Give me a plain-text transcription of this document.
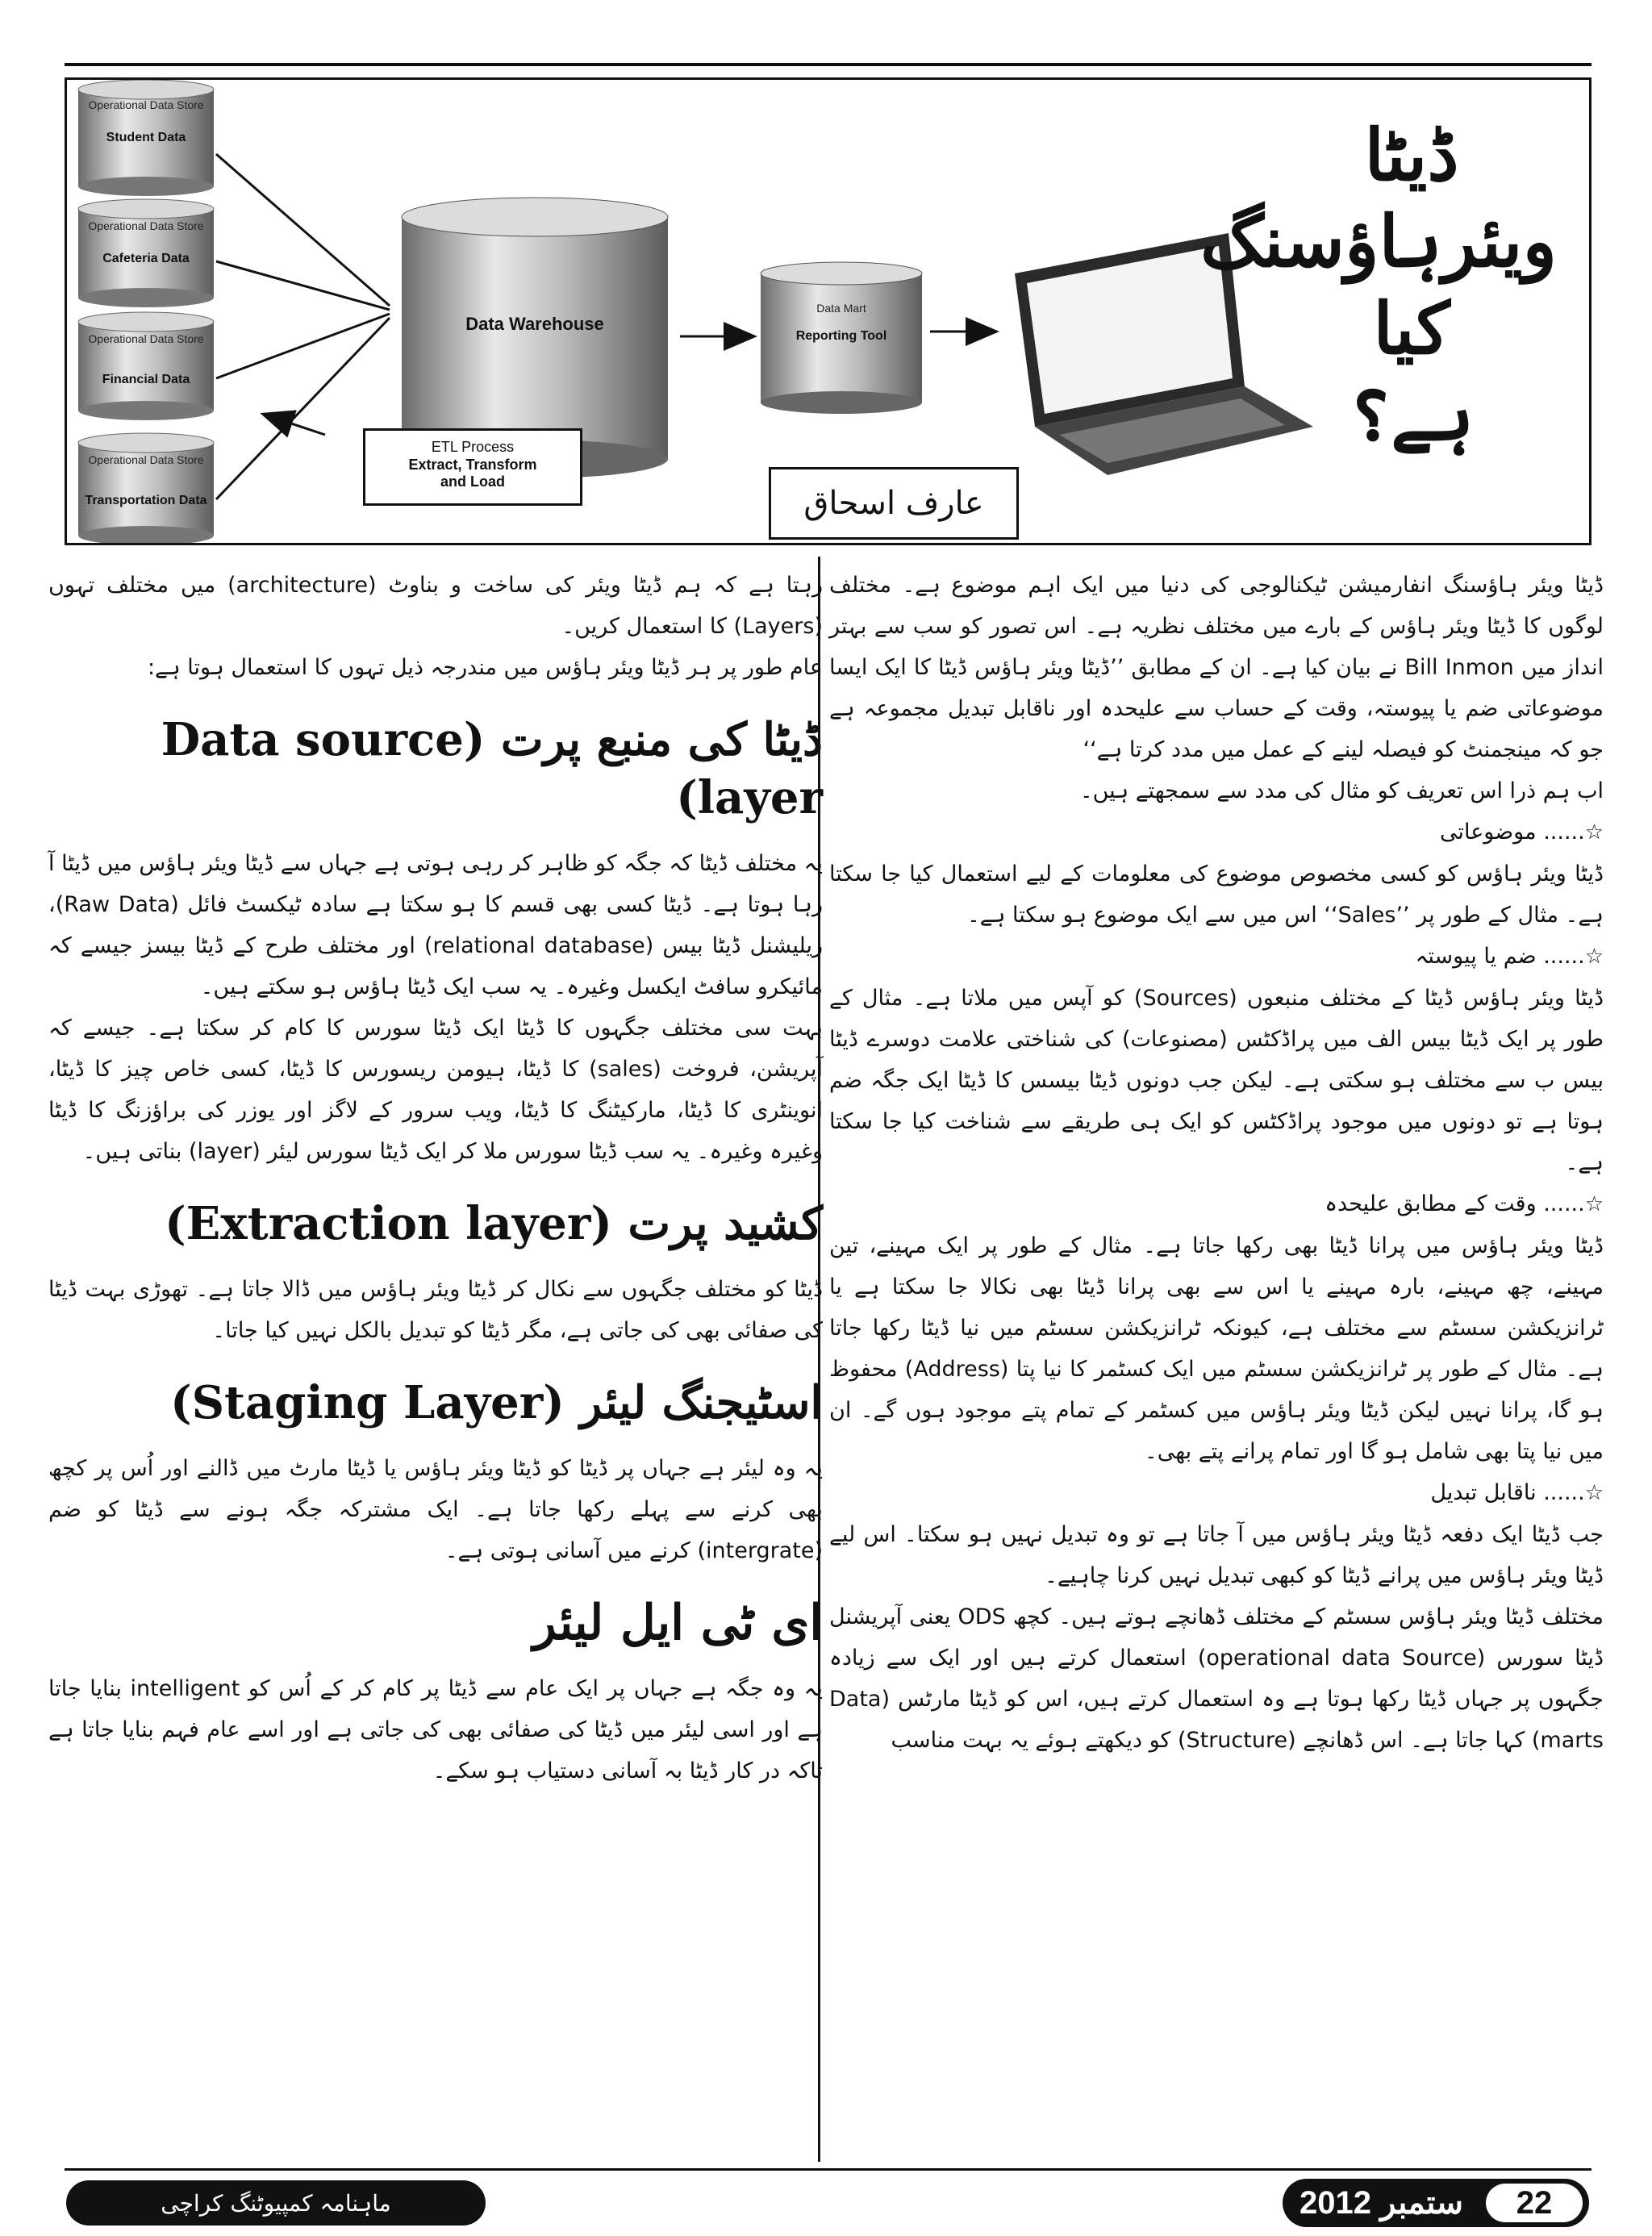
Operational Data Store
Student Data
Operational Data Store
Cafeteria Data
Operational Data Store
Financial Data
Operational Data Store
Transportation Data
Data Warehouse
Data Mart
Reporting Tool
ETL Process
Extract, Transform
and Load
عارف اسحاق
ڈیٹا
ویئرہاؤسنگ
کیا
ہے؟

ڈیٹا ویئر ہاؤسنگ انفارمیشن ٹیکنالوجی کی دنیا میں ایک اہم موضوع ہے۔ مختلف لوگوں کا ڈیٹا ویئر ہاؤس کے بارے میں مختلف نظریہ ہے۔ اس تصور کو سب سے بہتر انداز میں Bill Inmon نے بیان کیا ہے۔ ان کے مطابق ’’ڈیٹا ویئر ہاؤس ڈیٹا کا ایک ایسا موضوعاتی ضم یا پیوستہ، وقت کے حساب سے علیحدہ اور ناقابل تبدیل مجموعہ ہے جو کہ مینجمنٹ کو فیصلہ لینے کے عمل میں مدد کرتا ہے‘‘

اب ہم ذرا اس تعریف کو مثال کی مدد سے سمجھتے ہیں۔

☆...... موضوعاتی

ڈیٹا ویئر ہاؤس کو کسی مخصوص موضوع کی معلومات کے لیے استعمال کیا جا سکتا ہے۔ مثال کے طور پر ’’Sales‘‘ اس میں سے ایک موضوع ہو سکتا ہے۔

☆...... ضم یا پیوستہ

ڈیٹا ویئر ہاؤس ڈیٹا کے مختلف منبعوں (Sources) کو آپس میں ملاتا ہے۔ مثال کے طور پر ایک ڈیٹا بیس الف میں پراڈکٹس (مصنوعات) کی شناختی علامت دوسرے ڈیٹا بیس ب سے مختلف ہو سکتی ہے۔ لیکن جب دونوں ڈیٹا بیسس کا ڈیٹا ایک جگہ ضم ہوتا ہے تو دونوں میں موجود پراڈکٹس کو ایک ہی طریقے سے شناخت کیا جا سکتا ہے۔

☆...... وقت کے مطابق علیحدہ

ڈیٹا ویئر ہاؤس میں پرانا ڈیٹا بھی رکھا جاتا ہے۔ مثال کے طور پر ایک مہینے، تین مہینے، چھ مہینے، بارہ مہینے یا اس سے بھی پرانا ڈیٹا بھی نکالا جا سکتا ہے یا ٹرانزیکشن سسٹم سے مختلف ہے، کیونکہ ٹرانزیکشن سسٹم میں نیا ڈیٹا رکھا جاتا ہے۔ مثال کے طور پر ٹرانزیکشن سسٹم میں ایک کسٹمر کا نیا پتا (Address) محفوظ ہو گا، پرانا نہیں لیکن ڈیٹا ویئر ہاؤس میں کسٹمر کے تمام پتے موجود ہوں گے۔ ان میں نیا پتا بھی شامل ہو گا اور تمام پرانے پتے بھی۔

☆...... ناقابل تبدیل

جب ڈیٹا ایک دفعہ ڈیٹا ویئر ہاؤس میں آ جاتا ہے تو وہ تبدیل نہیں ہو سکتا۔ اس لیے ڈیٹا ویئر ہاؤس میں پرانے ڈیٹا کو کبھی تبدیل نہیں کرنا چاہیے۔

مختلف ڈیٹا ویئر ہاؤس سسٹم کے مختلف ڈھانچے ہوتے ہیں۔ کچھ ODS یعنی آپریشنل ڈیٹا سورس (operational data Source) استعمال کرتے ہیں اور ایک سے زیادہ جگہوں پر جہاں ڈیٹا رکھا ہوتا ہے وہ استعمال کرتے ہیں، اس کو ڈیٹا مارٹس (Data marts) کہا جاتا ہے۔ اس ڈھانچے (Structure) کو دیکھتے ہوئے یہ بہت مناسب

رہتا ہے کہ ہم ڈیٹا ویئر کی ساخت و بناوٹ (architecture) میں مختلف تہوں (Layers) کا استعمال کریں۔

عام طور پر ہر ڈیٹا ویئر ہاؤس میں مندرجہ ذیل تہوں کا استعمال ہوتا ہے:

ڈیٹا کی منبع پرت (Data source layer)

یہ مختلف ڈیٹا کہ جگہ کو ظاہر کر رہی ہوتی ہے جہاں سے ڈیٹا ویئر ہاؤس میں ڈیٹا آ رہا ہوتا ہے۔ ڈیٹا کسی بھی قسم کا ہو سکتا ہے سادہ ٹیکسٹ فائل (Raw Data)، ریلیشنل ڈیٹا بیس (relational database) اور مختلف طرح کے ڈیٹا بیسز جیسے کہ مائیکرو سافٹ ایکسل وغیرہ۔ یہ سب ایک ڈیٹا ہاؤس ہو سکتے ہیں۔

بہت سی مختلف جگہوں کا ڈیٹا ایک ڈیٹا سورس کا کام کر سکتا ہے۔ جیسے کہ آپریشن، فروخت (sales) کا ڈیٹا، ہیومن ریسورس کا ڈیٹا، کسی خاص چیز کا ڈیٹا، انوینٹری کا ڈیٹا، مارکیٹنگ کا ڈیٹا، ویب سرور کے لاگز اور یوزر کی براؤزنگ کا ڈیٹا وغیرہ وغیرہ۔ یہ سب ڈیٹا سورس ملا کر ایک ڈیٹا سورس لیئر (layer) بناتی ہیں۔

کشید پرت (Extraction layer)

ڈیٹا کو مختلف جگہوں سے نکال کر ڈیٹا ویئر ہاؤس میں ڈالا جاتا ہے۔ تھوڑی بہت ڈیٹا کی صفائی بھی کی جاتی ہے، مگر ڈیٹا کو تبدیل بالکل نہیں کیا جاتا۔

اسٹیجنگ لیئر (Staging Layer)

یہ وہ لیئر ہے جہاں پر ڈیٹا کو ڈیٹا ویئر ہاؤس یا ڈیٹا مارٹ میں ڈالنے اور اُس پر کچھ بھی کرنے سے پہلے رکھا جاتا ہے۔ ایک مشترکہ جگہ ہونے سے ڈیٹا کو ضم (intergrate) کرنے میں آسانی ہوتی ہے۔

ای ٹی ایل لیئر

یہ وہ جگہ ہے جہاں پر ایک عام سے ڈیٹا پر کام کر کے اُس کو intelligent بنایا جاتا ہے اور اسی لیئر میں ڈیٹا کی صفائی بھی کی جاتی ہے اور اسے عام فہم بنایا جاتا ہے تاکہ در کار ڈیٹا بہ آسانی دستیاب ہو سکے۔

ماہنامہ کمپیوٹنگ کراچی	ستمبر 2012	22
